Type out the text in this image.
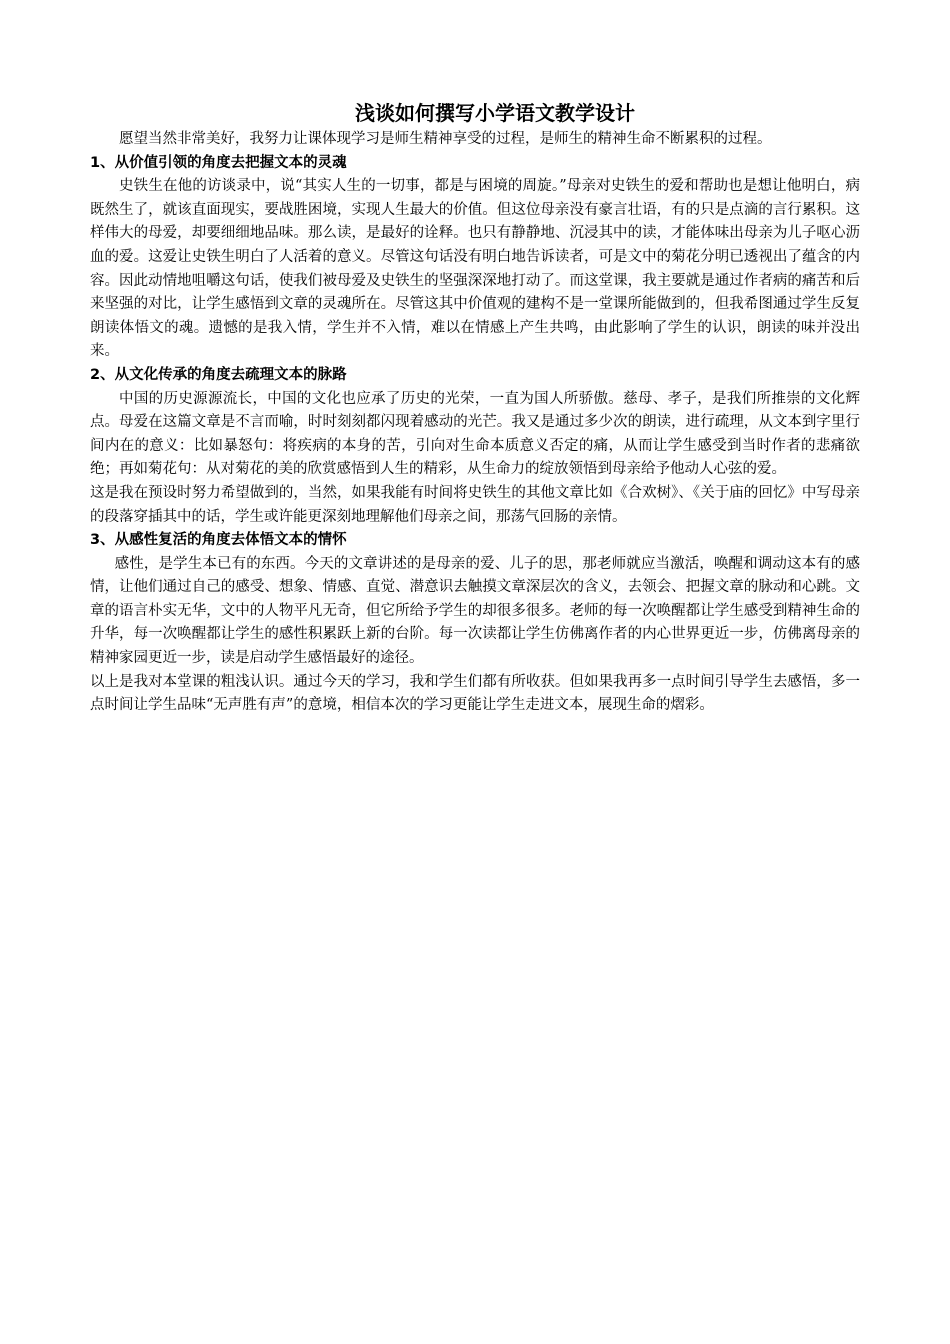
浅谈如何撰写小学语文教学设计

愿望当然非常美好，我努力让课体现学习是师生精神享受的过程，是师生的精神生命不断累积的过程。

1、从价值引领的角度去把握文本的灵魂

史铁生在他的访谈录中，说“其实人生的一切事，都是与困境的周旋。”母亲对史铁生的爱和帮助也是想让他明白，病既然生了，就该直面现实，要战胜困境，实现人生最大的价值。但这位母亲没有豪言壮语，有的只是点滴的言行累积。这样伟大的母爱，却要细细地品味。那么读，是最好的诠释。也只有静静地、沉浸其中的读，才能体味出母亲为儿子呕心沥血的爱。这爱让史铁生明白了人活着的意义。尽管这句话没有明白地告诉读者，可是文中的菊花分明已透视出了蕴含的内容。因此动情地咀嚼这句话，使我们被母爱及史铁生的坚强深深地打动了。而这堂课，我主要就是通过作者病的痛苦和后来坚强的对比，让学生感悟到文章的灵魂所在。尽管这其中价值观的建构不是一堂课所能做到的，但我希图通过学生反复朗读体悟文的魂。遗憾的是我入情，学生并不入情，难以在情感上产生共鸣，由此影响了学生的认识，朗读的味并没出来。

2、从文化传承的角度去疏理文本的脉路

中国的历史源源流长，中国的文化也应承了历史的光荣，一直为国人所骄傲。慈母、孝子，是我们所推崇的文化辉点。母爱在这篇文章是不言而喻，时时刻刻都闪现着感动的光芒。我又是通过多少次的朗读，进行疏理，从文本到字里行间内在的意义：比如暴怒句：将疾病的本身的苦，引向对生命本质意义否定的痛，从而让学生感受到当时作者的悲痛欲绝；再如菊花句：从对菊花的美的欣赏感悟到人生的精彩，从生命力的绽放领悟到母亲给予他动人心弦的爱。

这是我在预设时努力希望做到的，当然，如果我能有时间将史铁生的其他文章比如《合欢树》、《关于庙的回忆》中写母亲的段落穿插其中的话，学生或许能更深刻地理解他们母亲之间，那荡气回肠的亲情。

3、从感性复活的角度去体悟文本的情怀

感性，是学生本已有的东西。今天的文章讲述的是母亲的爱、儿子的思，那老师就应当激活，唤醒和调动这本有的感情，让他们通过自己的感受、想象、情感、直觉、潜意识去触摸文章深层次的含义，去领会、把握文章的脉动和心跳。文章的语言朴实无华，文中的人物平凡无奇，但它所给予学生的却很多很多。老师的每一次唤醒都让学生感受到精神生命的升华，每一次唤醒都让学生的感性积累跃上新的台阶。每一次读都让学生仿佛离作者的内心世界更近一步，仿佛离母亲的精神家园更近一步，读是启动学生感悟最好的途径。

以上是我对本堂课的粗浅认识。通过今天的学习，我和学生们都有所收获。但如果我再多一点时间引导学生去感悟，多一点时间让学生品味“无声胜有声”的意境，相信本次的学习更能让学生走进文本，展现生命的熠彩。
